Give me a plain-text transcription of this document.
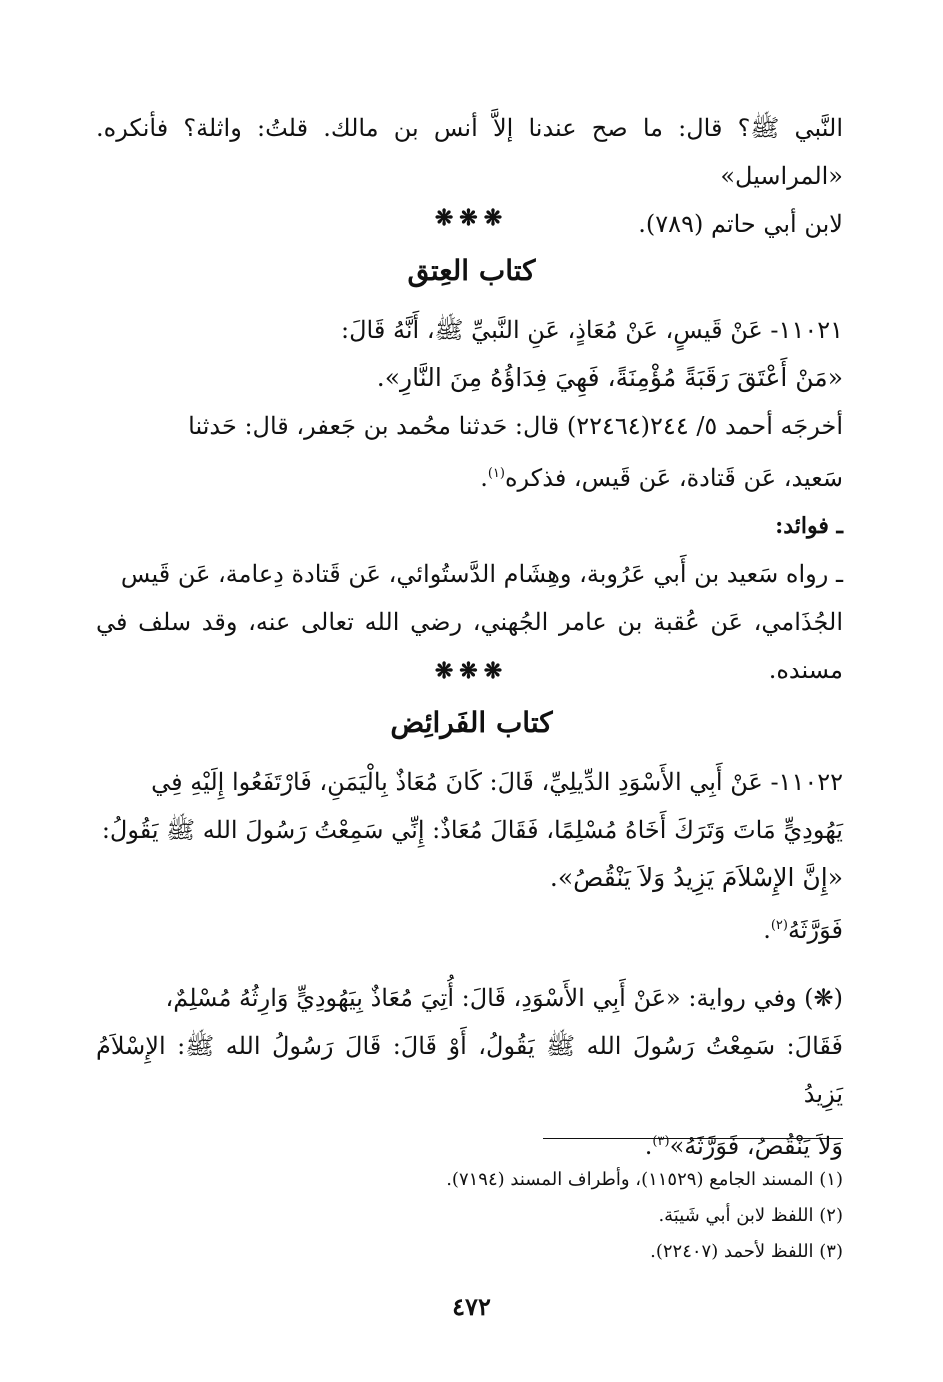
النَّبي ﷺ؟ قال: ما صح عندنا إلاَّ أنس بن مالك. قلتُ: واثلة؟ فأنكره. «المراسيل»

لابن أبي حاتم (٧٨٩).

❋❋❋
كتاب العِتق

١١٠٢١- عَنْ قَيسٍ، عَنْ مُعَاذٍ، عَنِ النَّبيِّ ﷺ، أَنَّهُ قَالَ:

«مَنْ أَعْتَقَ رَقَبَةً مُؤْمِنَةً، فَهِيَ فِدَاؤُهُ مِنَ النَّارِ».

أخرجَه أحمد ٥/ ٢٤٤(٢٢٤٦٤) قال: حَدثنا محُمد بن جَعفر، قال: حَدثنا

سَعيد، عَن قَتادة، عَن قَيس، فذكره$^{(١)}$.

ـ فوائد:

ـ رواه سَعيد بن أَبي عَرُوبة، وهِشَام الدَّستُوائي، عَن قَتادة دِعامة، عَن قَيس

الجُذَامي، عَن عُقبة بن عامر الجُهني، رضي الله تعالى عنه، وقد سلف في مسنده.

❋❋❋
كتاب الفَرائِض

١١٠٢٢- عَنْ أَبِي الأَسْوَدِ الدِّيلِيِّ، قَالَ: كَانَ مُعَاذٌ بِالْيَمَنِ، فَارْتَفَعُوا إِلَيْهِ فِي

يَهُودِيٍّ مَاتَ وَتَرَكَ أَخَاهُ مُسْلِمًا، فَقَالَ مُعَاذٌ: إِنِّي سَمِعْتُ رَسُولَ الله ﷺ يَقُولُ:

«إِنَّ الإِسْلاَمَ يَزِيدُ وَلاَ يَنْقُصُ».

فَوَرَّثَهُ$^{(٢)}$.

(❋) وفي رواية: «عَنْ أَبِي الأَسْوَدِ، قَالَ: أُتِيَ مُعَاذٌ بِيَهُودِيٍّ وَارِثُهُ مُسْلِمٌ،

فَقَالَ: سَمِعْتُ رَسُولَ الله ﷺ يَقُولُ، أَوْ قَالَ: قَالَ رَسُولُ الله ﷺ: الإِسْلاَمُ يَزِيدُ

وَلاَ يَنْقُصُ، فَوَرَّثَهُ»$^{(٣)}$.

(١) المسند الجامع (١١٥٢٩)، وأطراف المسند (٧١٩٤).

(٢) اللفظ لابن أبي شَيبَة.

(٣) اللفظ لأحمد (٢٢٤٠٧).

٤٧٢
